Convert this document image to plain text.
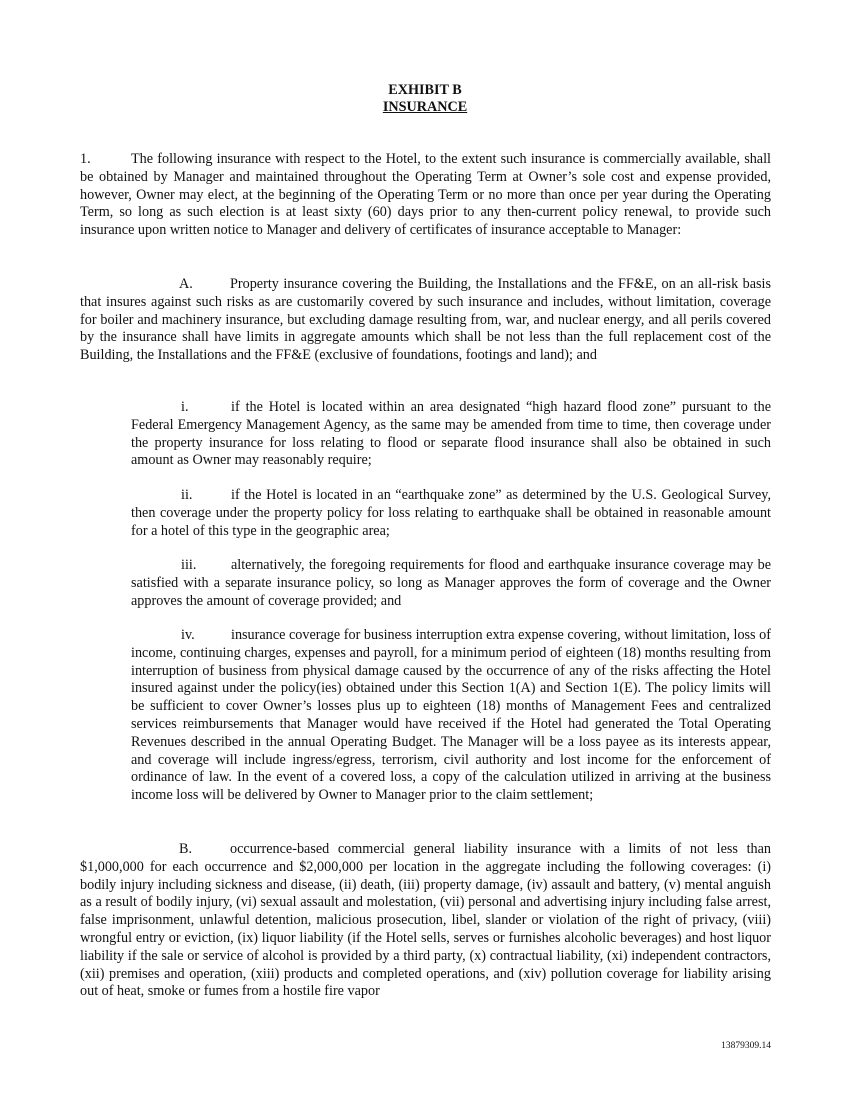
EXHIBIT B
INSURANCE

1.	The following insurance with respect to the Hotel, to the extent such insurance is commercially available, shall be obtained by Manager and maintained throughout the Operating Term at Owner’s sole cost and expense provided, however, Owner may elect, at the beginning of the Operating Term or no more than once per year during the Operating Term, so long as such election is at least sixty (60) days prior to any then-current policy renewal, to provide such insurance upon written notice to Manager and delivery of certificates of insurance acceptable to Manager:

A.	Property insurance covering the Building, the Installations and the FF&E, on an all-risk basis that insures against such risks as are customarily covered by such insurance and includes, without limitation, coverage for boiler and machinery insurance, but excluding damage resulting from, war, and nuclear energy, and all perils covered by the insurance shall have limits in aggregate amounts which shall be not less than the full replacement cost of the Building, the Installations and the FF&E (exclusive of foundations, footings and land); and

i.	if the Hotel is located within an area designated “high hazard flood zone” pursuant to the Federal Emergency Management Agency, as the same may be amended from time to time, then coverage under the property insurance for loss relating to flood or separate flood insurance shall also be obtained in such amount as Owner may reasonably require;

ii.	if the Hotel is located in an “earthquake zone” as determined by the U.S. Geological Survey, then coverage under the property policy for loss relating to earthquake shall be obtained in reasonable amount for a hotel of this type in the geographic area;

iii. alternatively, the foregoing requirements for flood and earthquake insurance coverage may be satisfied with a separate insurance policy, so long as Manager approves the form of coverage and the Owner approves the amount of coverage provided; and

iv.	insurance coverage for business interruption extra expense covering, without limitation, loss of income, continuing charges, expenses and payroll, for a minimum period of eighteen (18) months resulting from interruption of business from physical damage caused by the occurrence of any of the risks affecting the Hotel insured against under the policy(ies) obtained under this Section 1(A) and Section 1(E). The policy limits will be sufficient to cover Owner’s losses plus up to eighteen (18) months of Management Fees and centralized services reimbursements that Manager would have received if the Hotel had generated the Total Operating Revenues described in the annual Operating Budget. The Manager will be a loss payee as its interests appear, and coverage will include ingress/egress, terrorism, civil authority and lost income for the enforcement of ordinance of law. In the event of a covered loss, a copy of the calculation utilized in arriving at the business income loss will be delivered by Owner to Manager prior to the claim settlement;

B.	occurrence-based commercial general liability insurance with a limits of not less than $1,000,000 for each occurrence and $2,000,000 per location in the aggregate including the following coverages: (i) bodily injury including sickness and disease, (ii) death, (iii) property damage, (iv) assault and battery, (v) mental anguish as a result of bodily injury, (vi) sexual assault and molestation, (vii) personal and advertising injury including false arrest, false imprisonment, unlawful detention, malicious prosecution, libel, slander or violation of the right of privacy, (viii) wrongful entry or eviction, (ix) liquor liability (if the Hotel sells, serves or furnishes alcoholic beverages) and host liquor liability if the sale or service of alcohol is provided by a third party, (x) contractual liability, (xi) independent contractors, (xii) premises and operation, (xiii) products and completed operations, and (xiv) pollution coverage for liability arising out of heat, smoke or fumes from a hostile fire vapor

13879309.14
